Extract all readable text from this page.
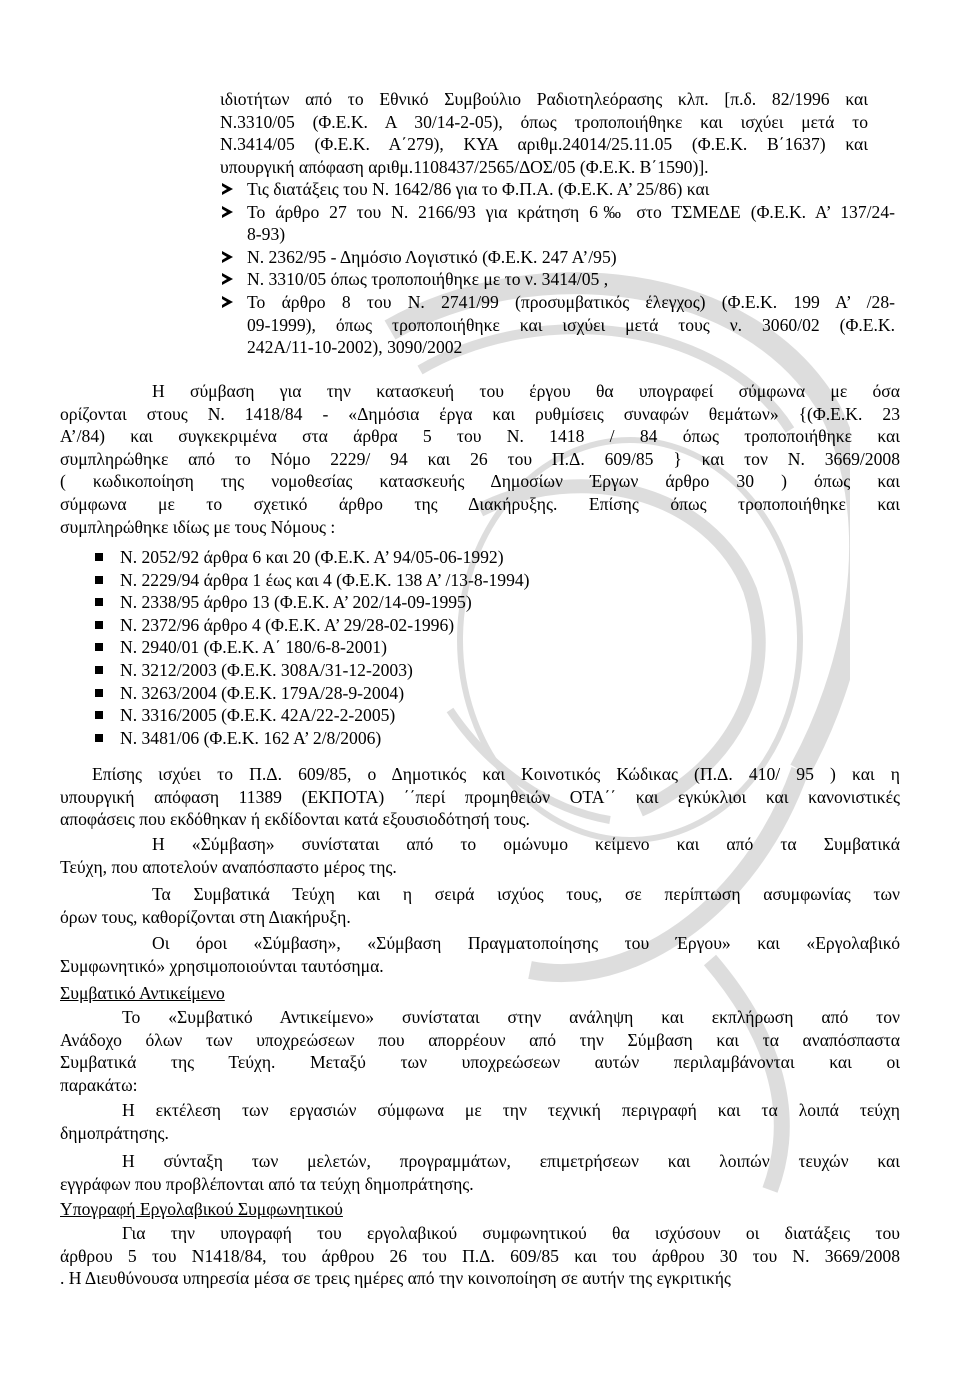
ιδιοτήτων από το Εθνικό Συμβούλιο Ραδιοτηλεόρασης κλπ. [π.δ. 82/1996 και
Ν.3310/05 (Φ.Ε.Κ. Α 30/14-2-05), όπως τροποποιήθηκε και ισχύει μετά το
Ν.3414/05 (Φ.Ε.Κ. Α΄279), ΚΥΑ αριθμ.24014/25.11.05 (Φ.Ε.Κ. Β΄1637) και
υπουργική απόφαση αριθμ.1108437/2565/ΔΟΣ/05 (Φ.Ε.Κ. Β΄1590)].
Τις διατάξεις του Ν. 1642/86 για το Φ.Π.Α. (Φ.Ε.Κ. Α’ 25/86) και
Το άρθρο 27 του Ν. 2166/93 για κράτηση 6‰ στο ΤΣΜΕΔΕ (Φ.Ε.Κ. Α’ 137/24-
8-93)
Ν. 2362/95 - Δημόσιο Λογιστικό (Φ.Ε.Κ. 247 Α’/95)
Ν. 3310/05 όπως τροποποιήθηκε με το ν. 3414/05 ,
Το άρθρο 8 του Ν. 2741/99 (προσυμβατικός έλεγχος) (Φ.Ε.Κ. 199 Α’ /28-
09-1999), όπως τροποποιήθηκε και ισχύει μετά τους ν. 3060/02 (Φ.Ε.Κ.
242Α/11-10-2002), 3090/2002
Η σύμβαση για την κατασκευή του έργου θα υπογραφεί σύμφωνα με όσα
ορίζονται στους Ν. 1418/84 - «Δημόσια έργα και ρυθμίσεις συναφών θεμάτων» {(Φ.Ε.Κ. 23
Α’/84) και συγκεκριμένα στα άρθρα 5 του Ν. 1418 / 84 όπως τροποποιήθηκε και
συμπληρώθηκε από το Νόμο 2229/ 94 και 26 του Π.Δ. 609/85 } και τον Ν. 3669/2008
( κωδικοποίηση της νομοθεσίας κατασκευής Δημοσίων Έργων άρθρο 30 ) όπως και
σύμφωνα με το σχετικό άρθρο της Διακήρυξης. Επίσης όπως τροποποιήθηκε και
συμπληρώθηκε ιδίως με τους Νόμους :
Ν. 2052/92 άρθρα 6 και 20 (Φ.Ε.Κ. Α’ 94/05-06-1992)
Ν. 2229/94 άρθρα 1 έως και 4 (Φ.Ε.Κ. 138 Α’ /13-8-1994)
Ν. 2338/95 άρθρο 13 (Φ.Ε.Κ. Α’ 202/14-09-1995)
Ν. 2372/96 άρθρο 4 (Φ.Ε.Κ. Α’ 29/28-02-1996)
Ν. 2940/01 (Φ.Ε.Κ. Α΄ 180/6-8-2001)
Ν. 3212/2003 (Φ.Ε.Κ. 308Α/31-12-2003)
Ν. 3263/2004 (Φ.Ε.Κ. 179Α/28-9-2004)
Ν. 3316/2005 (Φ.Ε.Κ. 42Α/22-2-2005)
Ν. 3481/06 (Φ.Ε.Κ. 162 Α’ 2/8/2006)
Επίσης ισχύει το Π.Δ. 609/85, ο Δημοτικός και Κοινοτικός Κώδικας (Π.Δ. 410/ 95 ) και η
υπουργική απόφαση 11389 (ΕΚΠΟΤΑ) ΄΄περί προμηθειών ΟΤΑ΄΄ και εγκύκλιοι και κανονιστικές
αποφάσεις που εκδόθηκαν ή εκδίδονται κατά εξουσιοδότησή τους.
Η «Σύμβαση» συνίσταται από το ομώνυμο κείμενο και από τα Συμβατικά
Τεύχη, που αποτελούν αναπόσπαστο μέρος της.
Τα Συμβατικά Τεύχη και η σειρά ισχύος τους, σε περίπτωση ασυμφωνίας των
όρων τους, καθορίζονται στη Διακήρυξη.
Οι όροι «Σύμβαση», «Σύμβαση Πραγματοποίησης του Έργου» και «Εργολαβικό
Συμφωνητικό» χρησιμοποιούνται ταυτόσημα.
Συμβατικό Αντικείμενο
Το «Συμβατικό Αντικείμενο» συνίσταται στην ανάληψη και εκπλήρωση από τον
Ανάδοχο όλων των υποχρεώσεων που απορρέουν από την Σύμβαση και τα αναπόσπαστα
Συμβατικά της Τεύχη. Μεταξύ των υποχρεώσεων αυτών περιλαμβάνονται και οι
παρακάτω:
Η εκτέλεση των εργασιών σύμφωνα με την τεχνική περιγραφή και τα λοιπά τεύχη
δημοπράτησης.
Η σύνταξη των μελετών, προγραμμάτων, επιμετρήσεων και λοιπών τευχών και
εγγράφων που προβλέπονται από τα τεύχη δημοπράτησης.
Υπογραφή Εργολαβικού Συμφωνητικού
Για την υπογραφή του εργολαβικού συμφωνητικού θα ισχύσουν οι διατάξεις του
άρθρου 5 του Ν1418/84, του άρθρου 26 του Π.Δ. 609/85 και του άρθρου 30 του Ν. 3669/2008
. Η Διευθύνουσα υπηρεσία μέσα σε τρεις ημέρες από την κοινοποίηση σε αυτήν της εγκριτικής
